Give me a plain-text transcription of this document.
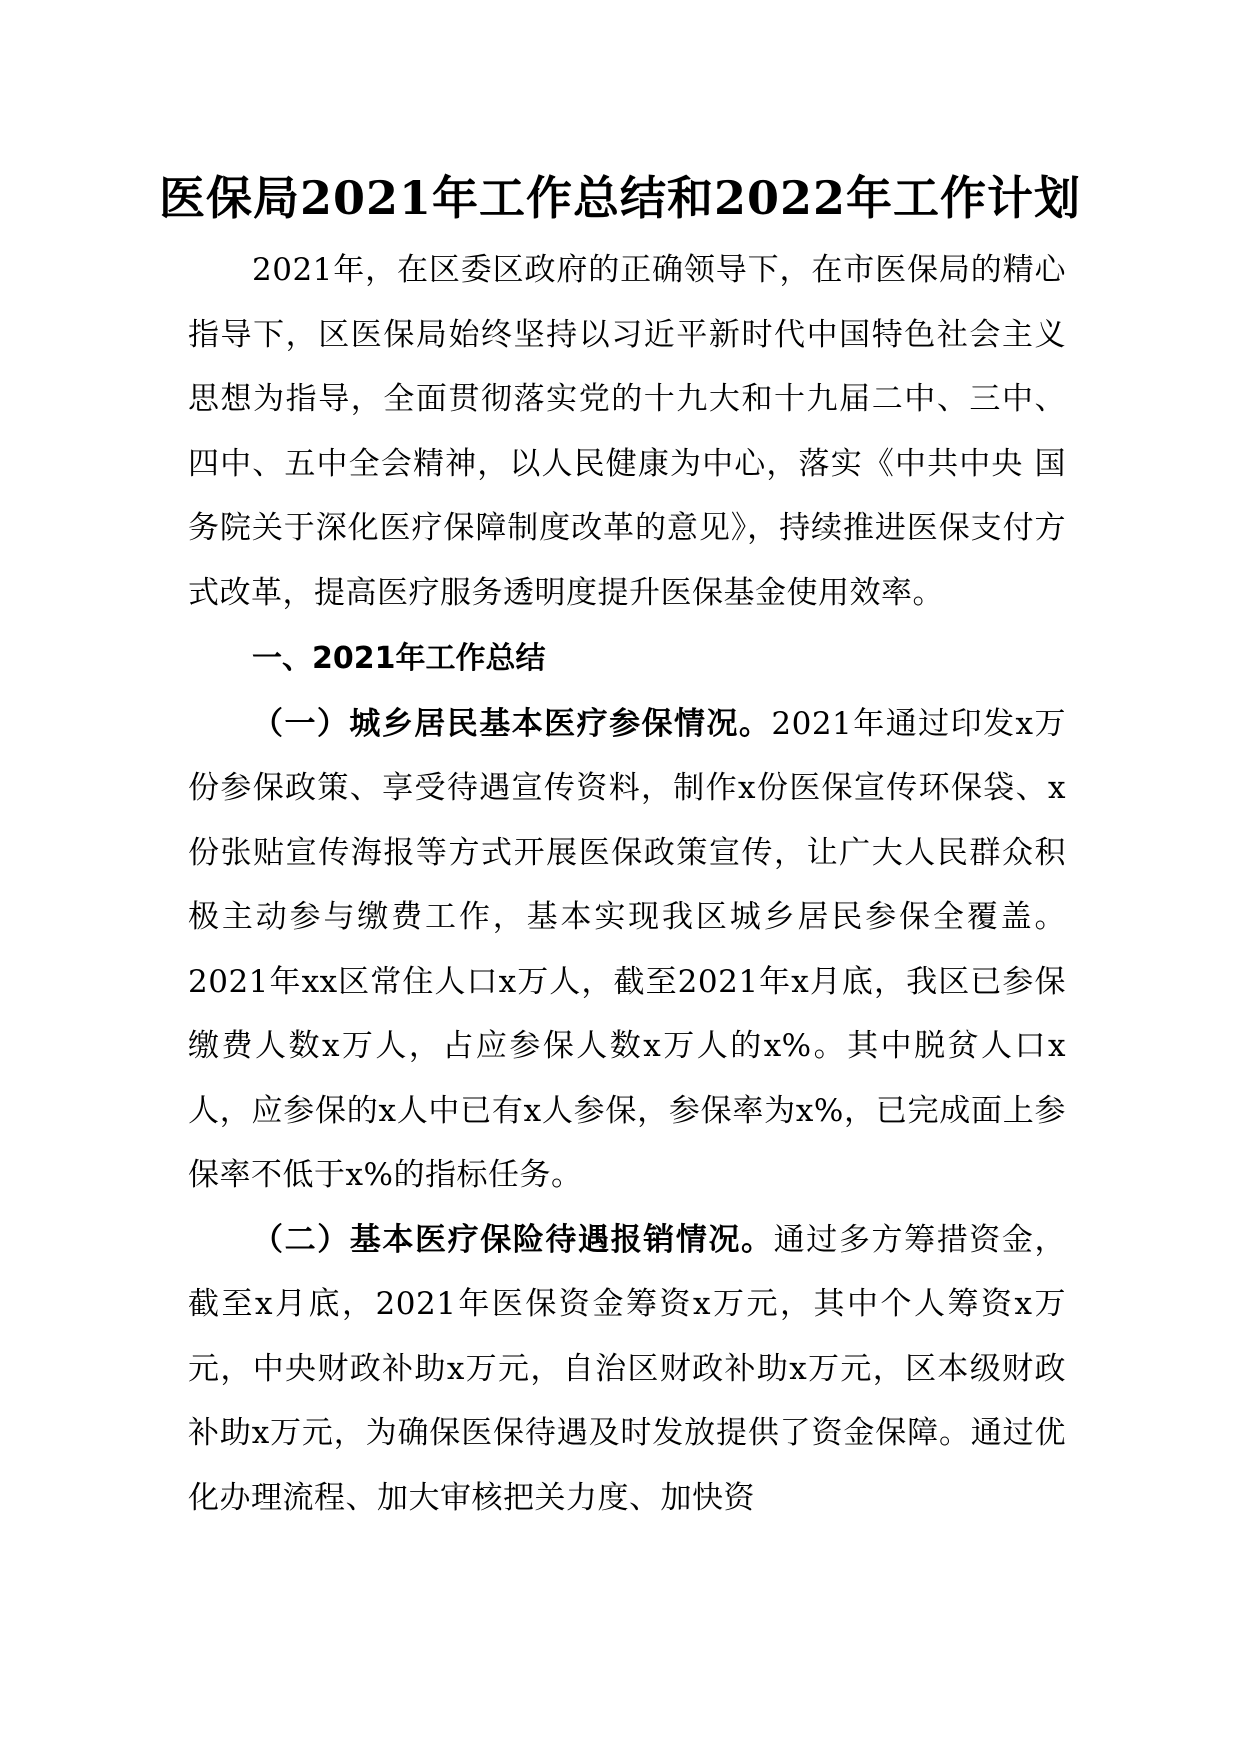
医保局2021年工作总结和2022年工作计划

2021年，在区委区政府的正确领导下，在市医保局的精心指导下，区医保局始终坚持以习近平新时代中国特色社会主义思想为指导，全面贯彻落实党的十九大和十九届二中、三中、四中、五中全会精神，以人民健康为中心，落实《中共中央 国务院关于深化医疗保障制度改革的意见》，持续推进医保支付方式改革，提高医疗服务透明度提升医保基金使用效率。

一、2021年工作总结

（一）城乡居民基本医疗参保情况。2021年通过印发x万份参保政策、享受待遇宣传资料，制作x份医保宣传环保袋、x份张贴宣传海报等方式开展医保政策宣传，让广大人民群众积极主动参与缴费工作，基本实现我区城乡居民参保全覆盖。2021年xx区常住人口x万人，截至2021年x月底，我区已参保缴费人数x万人，占应参保人数x万人的x%。其中脱贫人口x人，应参保的x人中已有x人参保，参保率为x%，已完成面上参保率不低于x%的指标任务。

（二）基本医疗保险待遇报销情况。通过多方筹措资金，截至x月底，2021年医保资金筹资x万元，其中个人筹资x万元，中央财政补助x万元，自治区财政补助x万元，区本级财政补助x万元，为确保医保待遇及时发放提供了资金保障。通过优化办理流程、加大审核把关力度、加快资
